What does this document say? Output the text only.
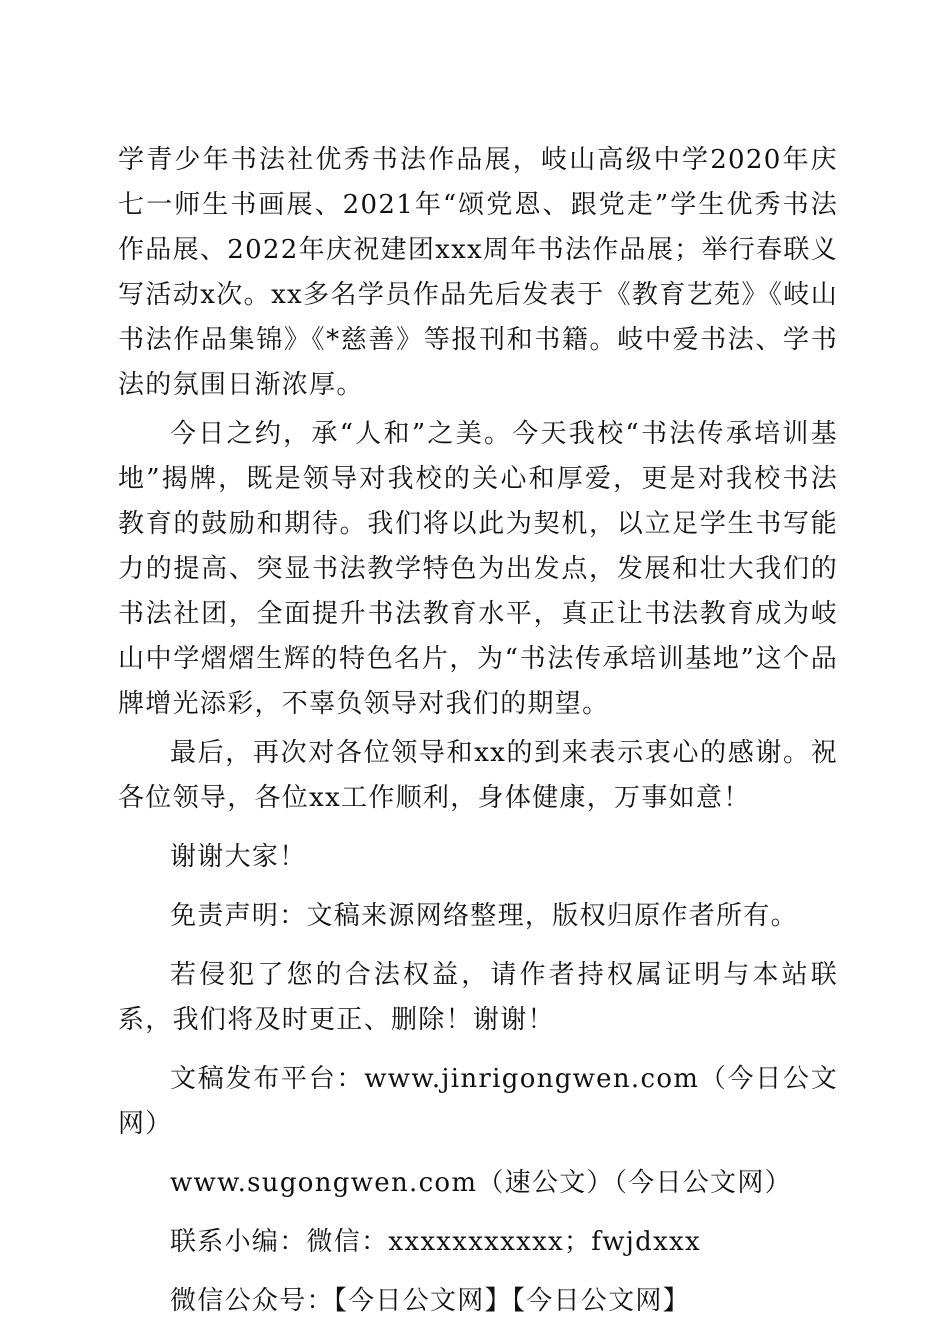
学青少年书法社优秀书法作品展，岐山高级中学2020年庆七一师生书画展、2021年“颂党恩、跟党走”学生优秀书法作品展、2022年庆祝建团xxx周年书法作品展；举行春联义写活动x次。xx多名学员作品先后发表于《教育艺苑》《岐山书法作品集锦》《*慈善》等报刊和书籍。岐中爱书法、学书法的氛围日渐浓厚。

今日之约，承“人和”之美。今天我校“书法传承培训基地”揭牌，既是领导对我校的关心和厚爱，更是对我校书法教育的鼓励和期待。我们将以此为契机，以立足学生书写能力的提高、突显书法教学特色为出发点，发展和壮大我们的书法社团，全面提升书法教育水平，真正让书法教育成为岐山中学熠熠生辉的特色名片，为“书法传承培训基地”这个品牌增光添彩，不辜负领导对我们的期望。

最后，再次对各位领导和xx的到来表示衷心的感谢。祝各位领导，各位xx工作顺利，身体健康，万事如意！

谢谢大家！

免责声明：文稿来源网络整理，版权归原作者所有。

若侵犯了您的合法权益，请作者持权属证明与本站联系，我们将及时更正、删除！谢谢！

文稿发布平台：www.jinrigongwen.com（今日公文网）

www.sugongwen.com（速公文）（今日公文网）

联系小编：微信：xxxxxxxxxxx；fwjdxxx

微信公众号：【今日公文网】【今日公文网】
